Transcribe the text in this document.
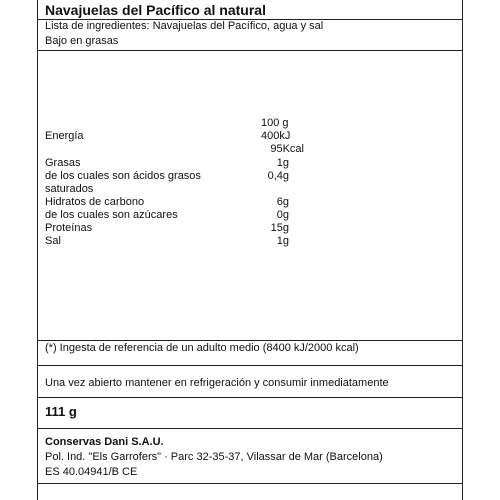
Navajuelas del Pacífico al natural
Lista de ingredientes: Navajuelas del Pacífico, agua y sal
Bajo en grasas
100 g
Energía	400kJ
95Kcal
Grasas	1g
de los cuales son ácidos grasos	0,4g
saturados
Hidratos de carbono	6g
de los cuales son azúcares	0g
Proteínas	15g
Sal	1g
(*) Ingesta de referencia de un adulto medio (8400 kJ/2000 kcal)
Una vez abierto mantener en refrigeración y consumir inmediatamente
111 g
Conservas Dani S.A.U.
Pol. Ind. "Els Garrofers" · Parc 32-35-37, Vilassar de Mar (Barcelona)
ES 40.04941/B CE
